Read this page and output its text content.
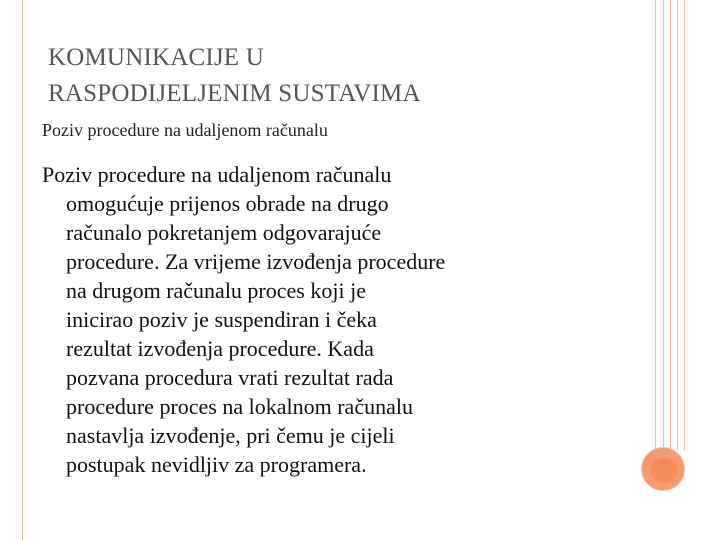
KOMUNIKACIJE U
RASPODIJELJENIM SUSTAVIMA
Poziv procedure na udaljenom računalu
Poziv procedure na udaljenom računalu
omogućuje prijenos obrade na drugo
računalo pokretanjem odgovarajuće
procedure. Za vrijeme izvođenja procedure
na drugom računalu proces koji je
inicirao poziv je suspendiran i čeka
rezultat izvođenja procedure. Kada
pozvana procedura vrati rezultat rada
procedure proces na lokalnom računalu
nastavlja izvođenje, pri čemu je cijeli
postupak nevidljiv za programera.
